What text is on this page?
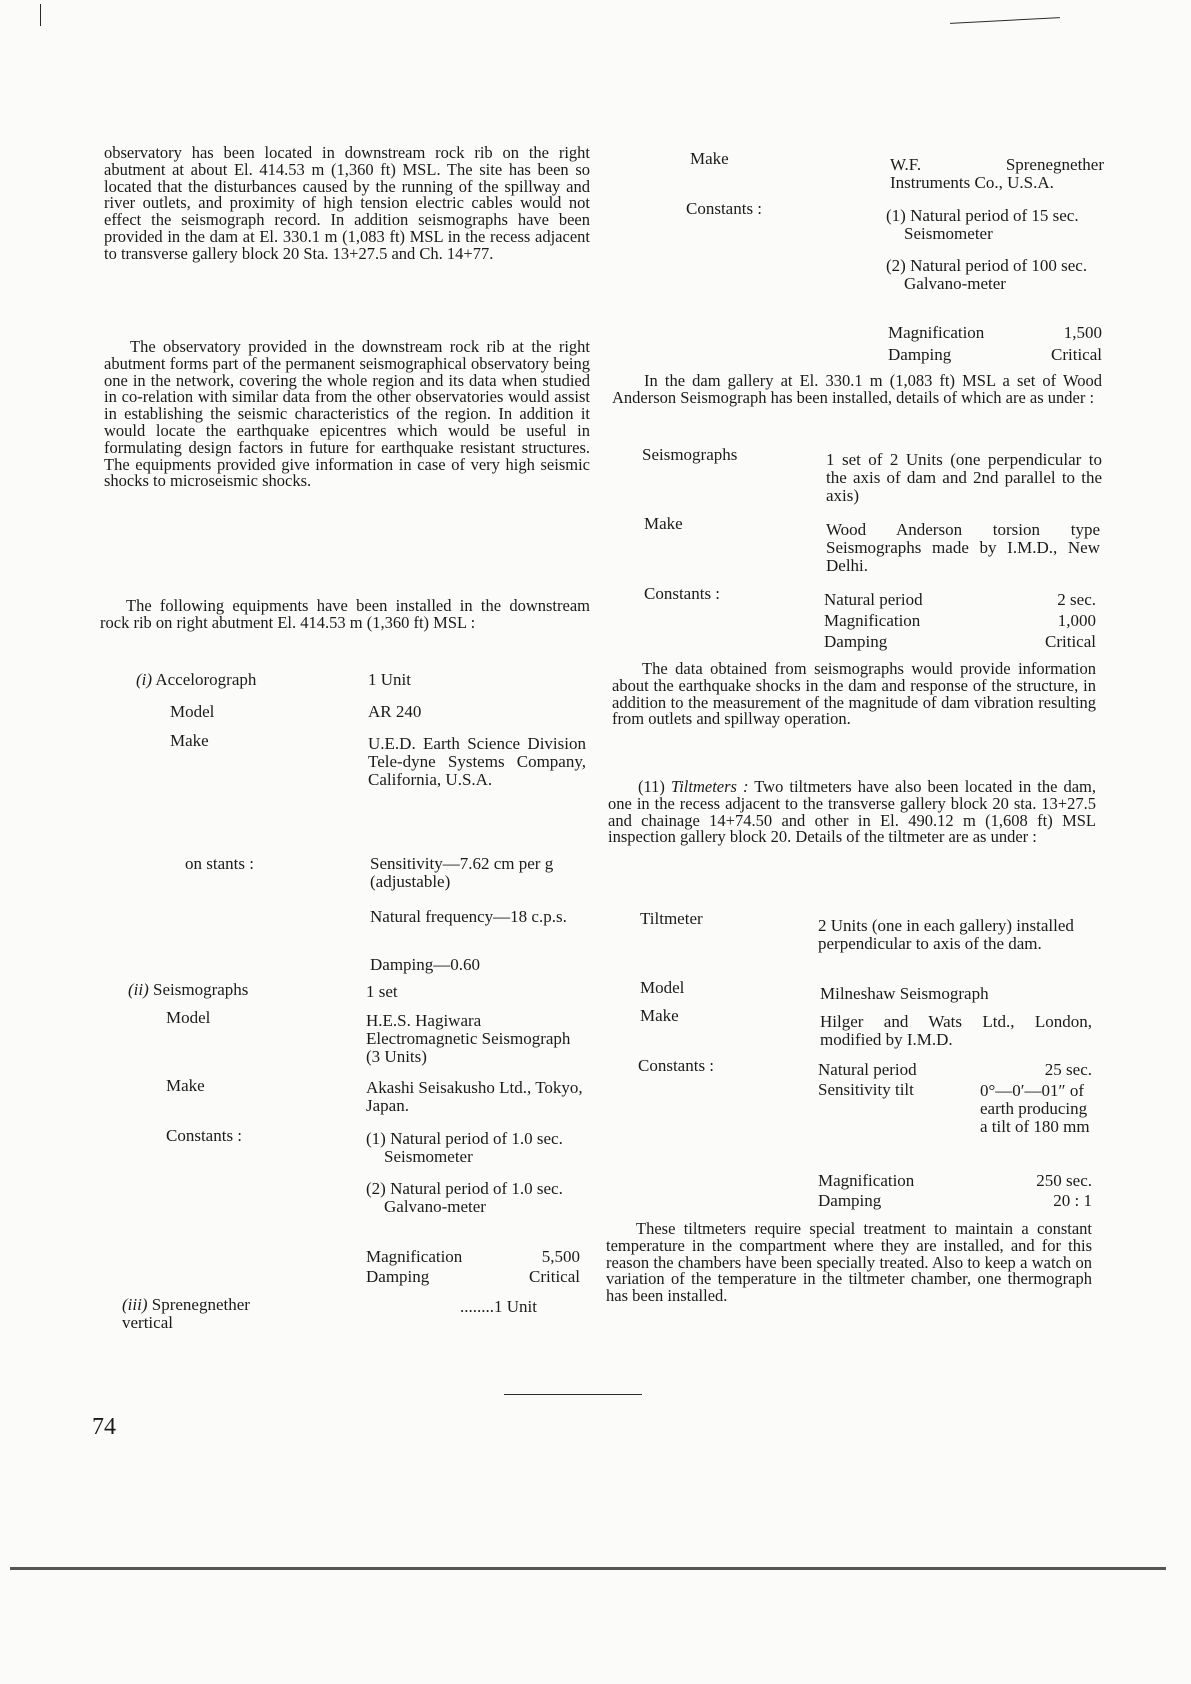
observatory has been located in downstream rock rib on the right abutment at about El. 414.53 m (1,360 ft) MSL. The site has been so located that the disturbances caused by the running of the spillway and river outlets, and proximity of high tension electric cables would not effect the seismograph record. In addition seismographs have been provided in the dam at El. 330.1 m (1,083 ft) MSL in the recess adjacent to transverse gallery block 20 Sta. 13+27.5 and Ch. 14+77.

The observatory provided in the downstream rock rib at the right abutment forms part of the permanent seismographical observatory being one in the network, covering the whole region and its data when studied in co-relation with similar data from the other observatories would assist in establishing the seismic characteristics of the region. In addition it would locate the earthquake epicentres which would be useful in formulating design factors in future for earthquake resistant structures. The equipments provided give information in case of very high seismic shocks to microseismic shocks.

The following equipments have been installed in the downstream rock rib on right abutment El. 414.53 m (1,360 ft) MSL :

(i) Accelorograph	1 Unit
Model	AR 240
Make	U.E.D. Earth Science Division Tele-dyne Systems Company, California, U.S.A.
on stants :	Sensitivity—7.62 cm per g (adjustable)
Natural frequency—18 c.p.s.
Damping—0.60
(ii) Seismographs	1 set
Model	H.E.S. Hagiwara Electromagnetic Seismograph (3 Units)
Make	Akashi Seisakusho Ltd., Tokyo, Japan.
Constants :	(1) Natural period of 1.0 sec. Seismometer
(2) Natural period of 1.0 sec. Galvano-meter
Magnification	5,500
Damping	Critical
(iii) Sprenegnether vertical
........1 Unit
Make	W.F. Sprenegnether Instruments Co., U.S.A.
Constants :	(1) Natural period of 15 sec. Seismometer
(2) Natural period of 100 sec. Galvano-meter
Magnification	1,500
Damping	Critical

In the dam gallery at El. 330.1 m (1,083 ft) MSL a set of Wood Anderson Seismograph has been installed, details of which are as under :

Seismographs	1 set of 2 Units (one perpendicular to the axis of dam and 2nd parallel to the axis)
Make	Wood Anderson torsion type Seismographs made by I.M.D., New Delhi.
Constants :	Natural period	2 sec.
Magnification	1,000
Damping	Critical

The data obtained from seismographs would provide information about the earthquake shocks in the dam and response of the structure, in addition to the measurement of the magnitude of dam vibration resulting from outlets and spillway operation.

(11) Tiltmeters : Two tiltmeters have also been located in the dam, one in the recess adjacent to the transverse gallery block 20 sta. 13+27.5 and chainage 14+74.50 and other in El. 490.12 m (1,608 ft) MSL inspection gallery block 20. Details of the tiltmeter are as under :

Tiltmeter	2 Units (one in each gallery) installed perpendicular to axis of the dam.
Model	Milneshaw Seismograph
Make	Hilger and Wats Ltd., London, modified by I.M.D.
Constants :	Natural period	25 sec.
Sensitivity tilt	0°—0′—01″ of earth producing a tilt of 180 mm
Magnification	250 sec.
Damping	20 : 1

These tiltmeters require special treatment to maintain a constant temperature in the compartment where they are installed, and for this reason the chambers have been specially treated. Also to keep a watch on variation of the temperature in the tiltmeter chamber, one thermograph has been installed.

74
